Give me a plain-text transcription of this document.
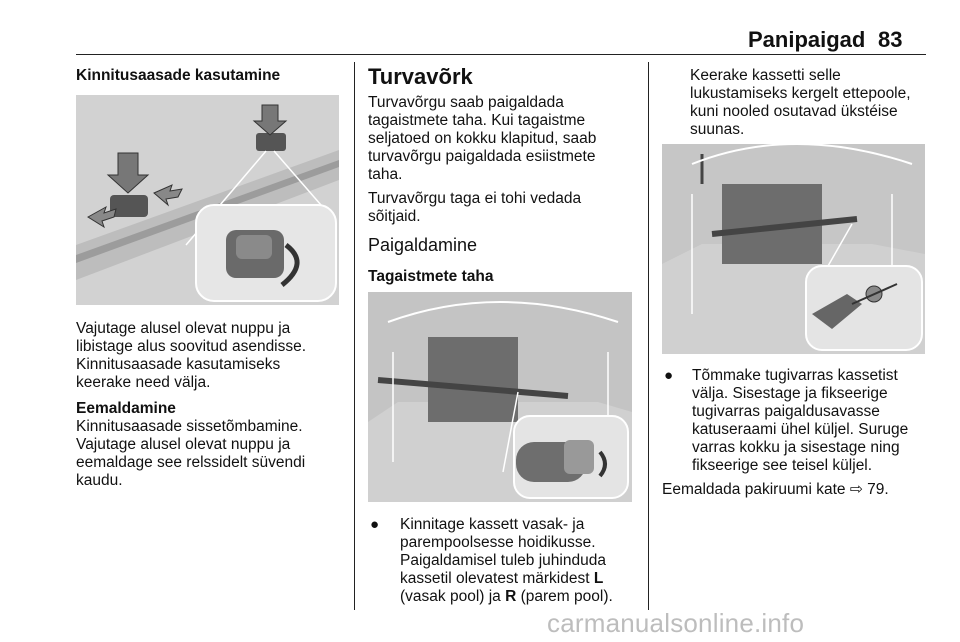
Panipaigad 83
Kinnitusaasade kasutamine
Vajutage alusel olevat nuppu ja
libistage alus soovitud asendisse.
Kinnitusaasade kasutamiseks
keerake need välja.
Eemaldamine
Kinnitusaasade sissetõmbamine.
Vajutage alusel olevat nuppu ja
eemaldage see relssidelt süvendi
kaudu.
Turvavõrk
Turvavõrgu saab paigaldada
tagaistmete taha. Kui tagaistme
seljatoed on kokku klapitud, saab
turvavõrgu paigaldada esiistmete
taha.
Turvavõrgu taga ei tohi vedada
sõitjaid.
Paigaldamine
Tagaistmete taha
● Kinnitage kassett vasak- ja
parempoolsesse hoidikusse.
Paigaldamisel tuleb juhinduda
kassetil olevatest märkidest L
(vasak pool) ja R (parem pool).
Keerake kassetti selle
lukustamiseks kergelt ettepoole,
kuni nooled osutavad ükstéise
suunas.
● Tõmmake tugivarras kassetist
välja. Sisestage ja fikseerige
tugivarras paigaldusavasse
katuseraami ühel küljel. Suruge
varras kokku ja sisestage ning
fikseerige see teisel küljel.
Eemaldada pakiruumi kate ⇨ 79.
carmanualsonline.info
